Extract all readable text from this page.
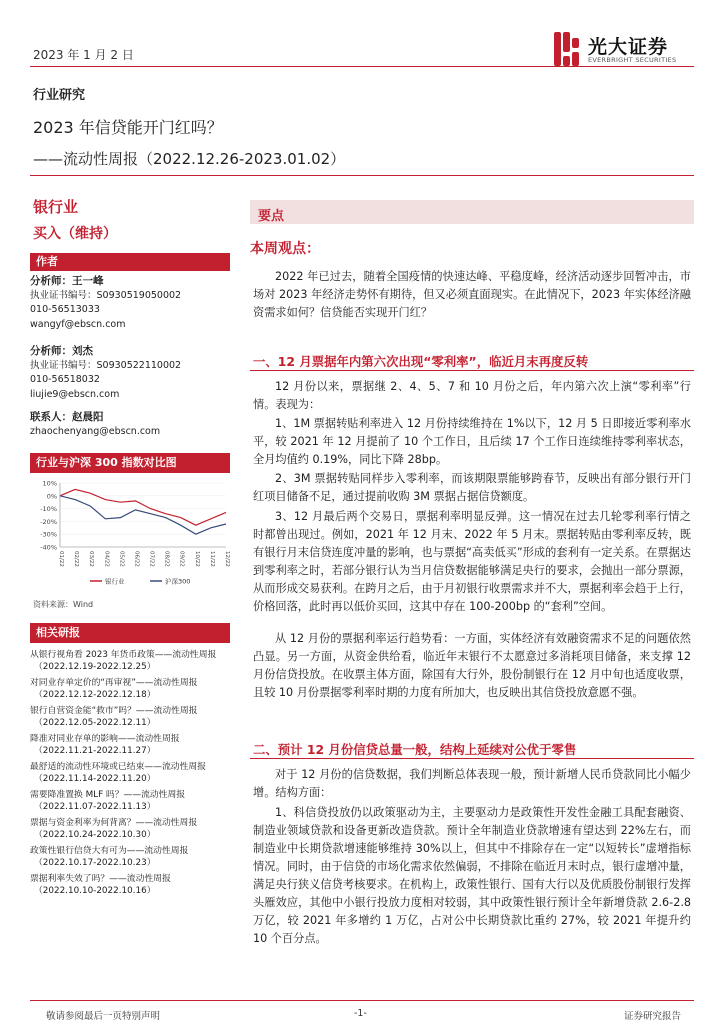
2023 年 1 月 2 日	光大证券
EVERBRIGHT SECURITIES
行业研究
2023 年信贷能开门红吗？
——流动性周报（2022.12.26-2023.01.02）
银行业
买入（维持）
作者
分析师：王一峰
执业证书编号：S0930519050002
010-56513033
wangyf@ebscn.com
分析师：刘杰
执业证书编号：S0930522110002
010-56518032
liujie9@ebscn.com
联系人：赵晨阳
zhaochenyang@ebscn.com
行业与沪深 300 指数对比图
10%
0%
-10%
-20%
-30%
-40%
01/22 02/22 03/22 04/22 05/22 06/22 07/22 08/22 09/22 10/22 11/22 12/22
银行业	沪深300
资料来源：Wind
相关研报
从银行视角看 2023 年货币政策——流动性周报
（2022.12.19-2022.12.25）
对同业存单定价的“再审视”——流动性周报
（2022.12.12-2022.12.18）
银行自营资金能“救市”吗？——流动性周报
（2022.12.05-2022.12.11）
降准对同业存单的影响——流动性周报
（2022.11.21-2022.11.27）
最舒适的流动性环境或已结束——流动性周报
（2022.11.14-2022.11.20）
需要降准置换 MLF 吗？——流动性周报
（2022.11.07-2022.11.13）
票据与资金利率为何背离？——流动性周报
（2022.10.24-2022.10.30）
政策性银行信贷大有可为——流动性周报
（2022.10.17-2022.10.23）
票据利率失效了吗？——流动性周报
（2022.10.10-2022.10.16）
要点
本周观点：

2022 年已过去，随着全国疫情的快速达峰、平稳度峰，经济活动逐步回暂冲击，市场对 2023 年经济走势怀有期待，但又必须直面现实。在此情况下，2023 年实体经济融资需求如何？信贷能否实现开门红？

一、12 月票据年内第六次出现“零利率”，临近月末再度反转

12 月份以来，票据继 2、4、5、7 和 10 月份之后，年内第六次上演“零利率”行情。表现为：

1、1M 票据转贴利率进入 12 月份持续维持在 1%以下，12 月 5 日即接近零利率水平，较 2021 年 12 月提前了 10 个工作日，且后续 17 个工作日连续维持零利率状态，全月均值约 0.19%，同比下降 28bp。

2、3M 票据转贴同样步入零利率，而该期限票能够跨春节，反映出有部分银行开门红项目储备不足，通过提前收购 3M 票据占据信贷额度。

3、12 月最后两个交易日，票据利率明显反弹。这一情况在过去几轮零利率行情之时都曾出现过。例如，2021 年 12 月末、2022 年 5 月末。票据转贴由零利率反转，既有银行月末信贷连度冲量的影响，也与票据“高卖低买”形成的套利有一定关系。在票据达到零利率之时，若部分银行认为当月信贷数据能够满足央行的要求，会抛出一部分票源，从而形成交易获利。在跨月之后，由于月初银行收票需求并不大，票据利率会趋于上行，价格回落，此时再以低价买回，这其中存在 100-200bp 的“套利”空间。

从 12 月份的票据利率运行趋势看：一方面，实体经济有效融资需求不足的问题依然凸显。另一方面，从资金供给看，临近年末银行不太愿意过多消耗项目储备，来支撑 12 月份信贷投放。在收票主体方面，除国有大行外，股份制银行在 12 月中旬也适度收票，且较 10 月份票据零利率时期的力度有所加大，也反映出其信贷投放意愿不强。

二、预计 12 月份信贷总量一般，结构上延续对公优于零售

对于 12 月份的信贷数据，我们判断总体表现一般，预计新增人民币贷款同比小幅少增。结构方面：

1、科信贷投放仍以政策驱动为主，主要驱动力是政策性开发性金融工具配套融资、制造业领域贷款和设备更新改造贷款。预计全年制造业贷款增速有望达到 22%左右，而制造业中长期贷款增速能够维持 30%以上，但其中不排除存在一定“以短转长”虚增指标情况。同时，由于信贷的市场化需求依然偏弱，不排除在临近月末时点，银行虚增冲量，满足央行狭义信贷考核要求。在机构上，政策性银行、国有大行以及优质股份制银行发挥头雁效应，其他中小银行投放力度相对较弱，其中政策性银行预计全年新增贷款 2.6-2.8 万亿，较 2021 年多增约 1 万亿，占对公中长期贷款比重约 27%，较 2021 年提升约 10 个百分点。

敬请参阅最后一页特别声明	-1-	证券研究报告
